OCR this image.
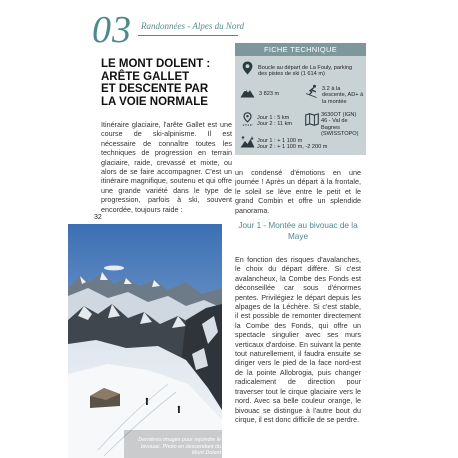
03 Randonnées - Alpes du Nord
LE MONT DOLENT :
ARÊTE GALLET
ET DESCENTE PAR
LA VOIE NORMALE
Itinéraire glaciaire, l'arête Gallet est une course de ski-alpinisme. Il est nécessaire de connaître toutes les techniques de progression en terrain glaciaire, raide, crevassé et mixte, ou alors de se faire accompagner. C'est un itinéraire magnifique, soutenu et qui offre une grande variété dans le type de progression, parfois à ski, souvent encordée, toujours raide :
FICHE TECHNIQUE
Boucle au départ de La Fouly, parking des pistes de ski (1 614 m)
3 823 m
3.2 à la descente, AD+ à la montée
Jour 1 : 5 km
Jour 2 : 11 km
3630OT (IGN)
46 - Val de Bagnes (SWISSTOPO)
Jour 1 : + 1 100 m
Jour 2 : + 1 100 m, -2 200 m
un condensé d'émotions en une journée ! Après un départ à la frontale, le soleil se lève entre le petit et le grand Combin et offre un splendide panorama.
Jour 1 - Montée au bivouac de la Maye
En fonction des risques d'avalanches, le choix du départ diffère. Si c'est avalancheux, la Combe des Fonds est déconseillée car sous d'énormes pentes. Privilégiez le départ depuis les alpages de la Léchère. Si c'est stable, il est possible de remonter directement la Combe des Fonds, qui offre un spectacle singulier avec ses murs verticaux d'ardoise. En suivant la pente tout naturellement, il faudra ensuite se diriger vers le pied de la face nord-est de la pointe Allobrogia, puis changer radicalement de direction pour traverser tout le cirque glaciaire vers le nord. Avec sa belle couleur orange, le bivouac se distingue à l'autre bout du cirque, il est donc difficile de se perdre.
32
Dernières images pour rejoindre le bivouac. Photo en descendant du Mont Dolent
